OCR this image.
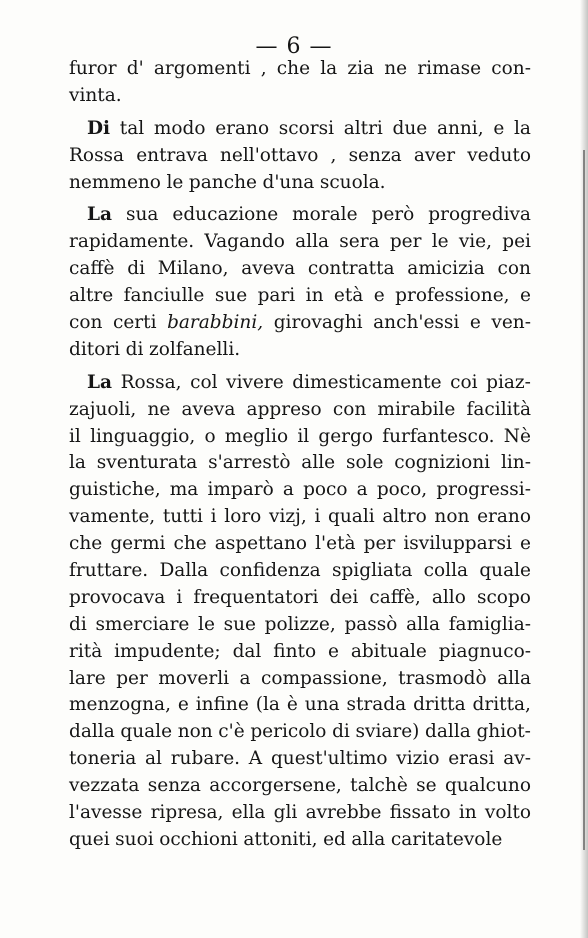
— 6 —
furor d' argomenti , che la zia ne rimase con-
vinta.
Di tal modo erano scorsi altri due anni, e la
Rossa entrava nell'ottavo , senza aver veduto
nemmeno le panche d'una scuola.
La sua educazione morale però progrediva
rapidamente. Vagando alla sera per le vie, pei
caffè di Milano, aveva contratta amicizia con
altre fanciulle sue pari in età e professione, e
con certi barabbini, girovaghi anch'essi e ven-
ditori di zolfanelli.
La Rossa, col vivere dimesticamente coi piaz-
zajuoli, ne aveva appreso con mirabile facilità
il linguaggio, o meglio il gergo furfantesco. Nè
la sventurata s'arrestò alle sole cognizioni lin-
guistiche, ma imparò a poco a poco, progressi-
vamente, tutti i loro vizj, i quali altro non erano
che germi che aspettano l'età per isvilupparsi e
fruttare. Dalla confidenza spigliata colla quale
provocava i frequentatori dei caffè, allo scopo
di smerciare le sue polizze, passò alla famiglia-
rità impudente; dal finto e abituale piagnuco-
lare per moverli a compassione, trasmodò alla
menzogna, e infine (la è una strada dritta dritta,
dalla quale non c'è pericolo di sviare) dalla ghiot-
toneria al rubare. A quest'ultimo vizio erasi av-
vezzata senza accorgersene, talchè se qualcuno
l'avesse ripresa, ella gli avrebbe fissato in volto
quei suoi occhioni attoniti, ed alla caritatevole
